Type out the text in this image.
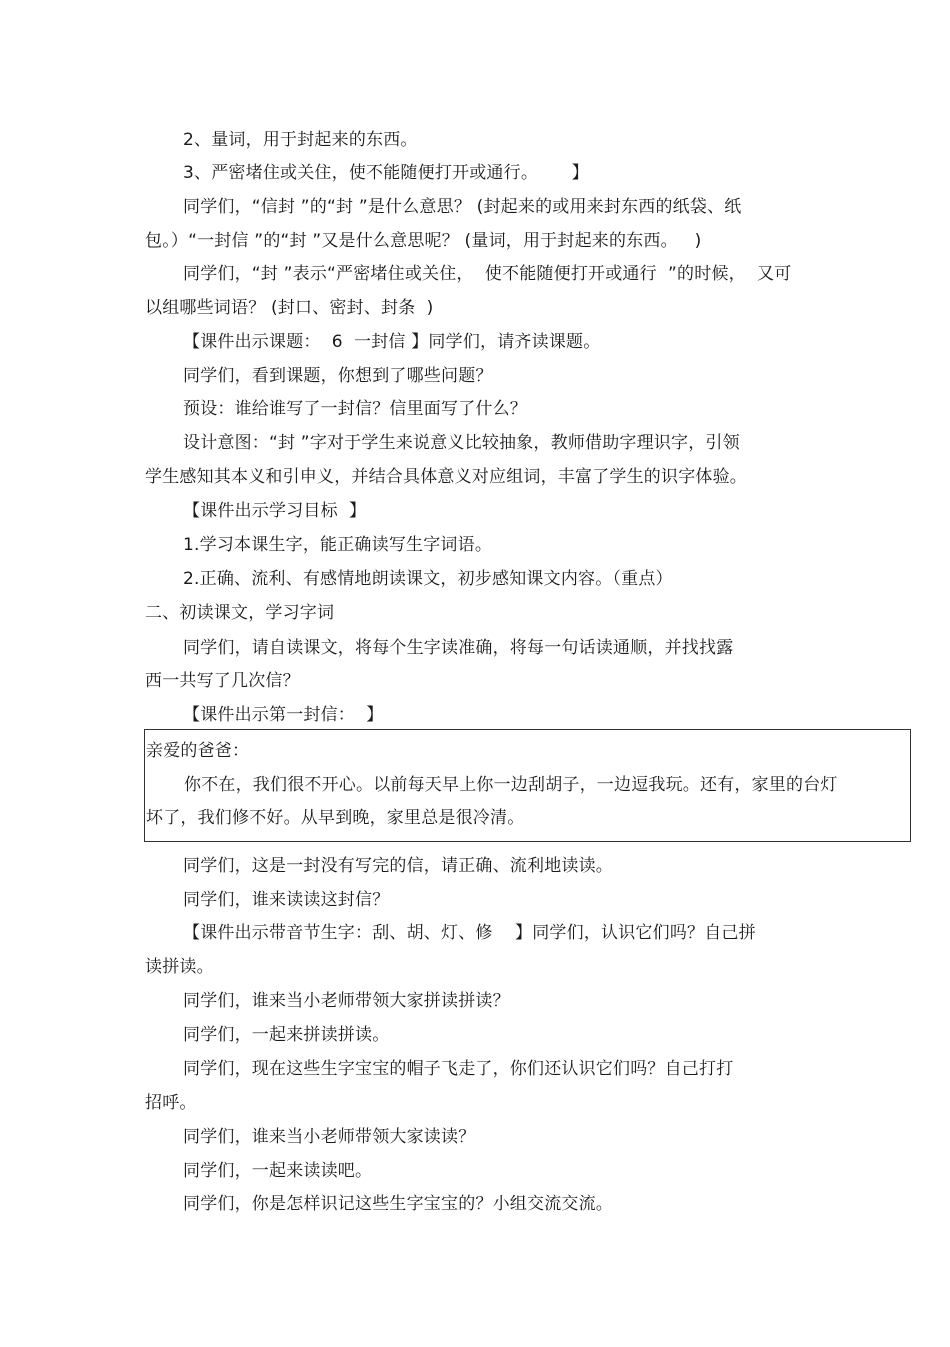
2、量词，用于封起来的东西。
3、严密堵住或关住，使不能随便打开或通行。      】
同学们，“信封 ”的“封 ”是什么意思？ (封起来的或用来封东西的纸袋、纸
包。）“一封信 ”的“封 ”又是什么意思呢？ (量词，用于封起来的东西。   )
同学们，“封 ”表示“严密堵住或关住，  使不能随便打开或通行  ”的时候，  又可
以组哪些词语？ (封口、密封、封条  )
【课件出示课题：  6  一封信 】同学们，请齐读课题。
同学们，看到课题，你想到了哪些问题？
预设：谁给谁写了一封信？信里面写了什么？
设计意图：“封 ”字对于学生来说意义比较抽象，教师借助字理识字，引领
学生感知其本义和引申义，并结合具体意义对应组词，丰富了学生的识字体验。
【课件出示学习目标  】
1.学习本课生字，能正确读写生字词语。
2.正确、流利、有感情地朗读课文，初步感知课文内容。（重点）
二、初读课文，学习字词
同学们，请自读课文，将每个生字读准确，将每一句话读通顺，并找找露
西一共写了几次信？
【课件出示第一封信：  】
亲爱的爸爸：
你不在，我们很不开心。以前每天早上你一边刮胡子，一边逗我玩。还有，家里的台灯
坏了，我们修不好。从早到晚，家里总是很冷清。
同学们，这是一封没有写完的信，请正确、流利地读读。
同学们，谁来读读这封信？
【课件出示带音节生字：刮、胡、灯、修    】同学们，认识它们吗？自己拼
读拼读。
同学们，谁来当小老师带领大家拼读拼读？
同学们，一起来拼读拼读。
同学们，现在这些生字宝宝的帽子飞走了，你们还认识它们吗？自己打打
招呼。
同学们，谁来当小老师带领大家读读？
同学们，一起来读读吧。
同学们，你是怎样识记这些生字宝宝的？小组交流交流。
